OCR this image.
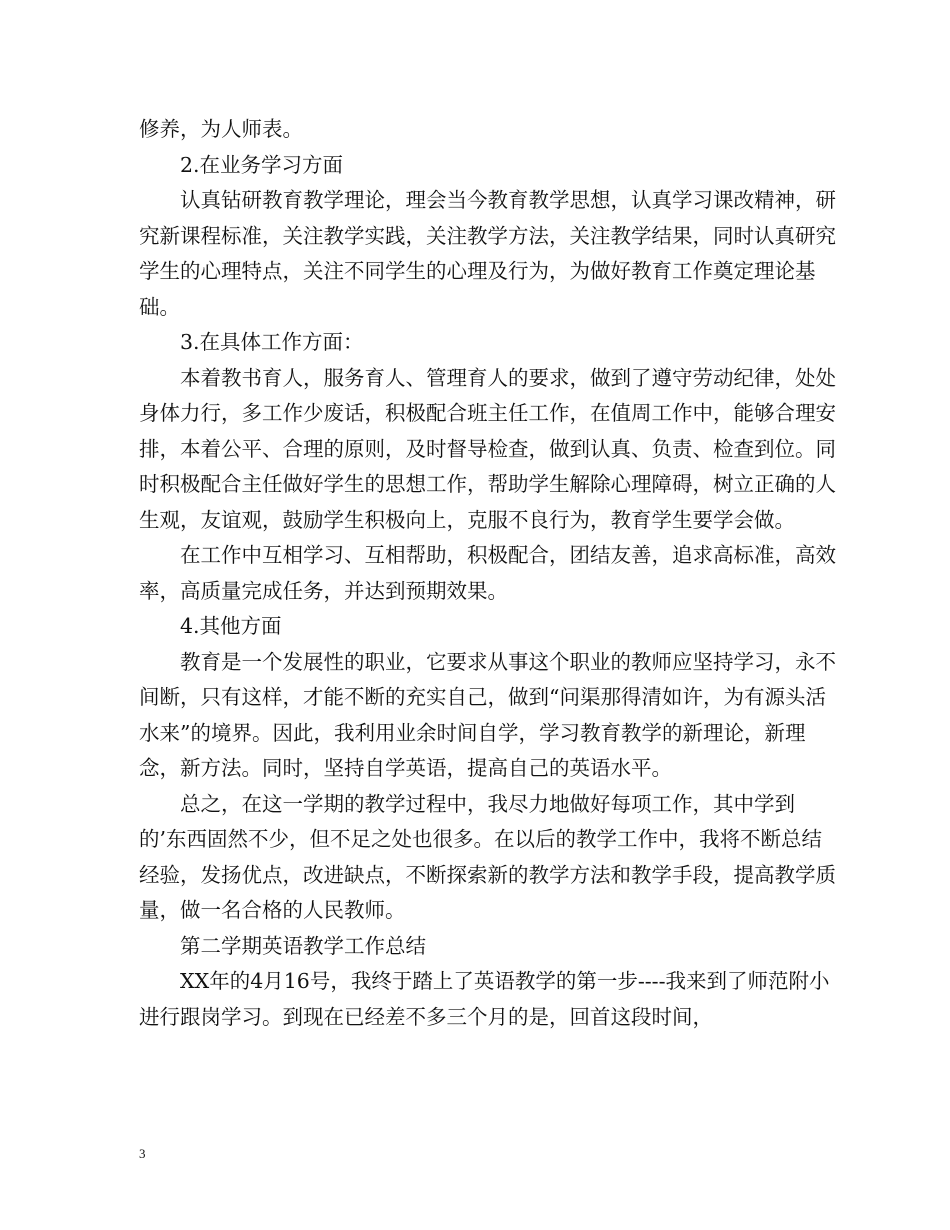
修养，为人师表。

2.在业务学习方面

认真钻研教育教学理论，理会当今教育教学思想，认真学习课改精神，研究新课程标准，关注教学实践，关注教学方法，关注教学结果，同时认真研究学生的心理特点，关注不同学生的心理及行为，为做好教育工作奠定理论基础。

3.在具体工作方面：

本着教书育人，服务育人、管理育人的要求，做到了遵守劳动纪律，处处身体力行，多工作少废话，积极配合班主任工作，在值周工作中，能够合理安排，本着公平、合理的原则，及时督导检查，做到认真、负责、检查到位。同时积极配合主任做好学生的思想工作，帮助学生解除心理障碍，树立正确的人生观，友谊观，鼓励学生积极向上，克服不良行为，教育学生要学会做。

在工作中互相学习、互相帮助，积极配合，团结友善，追求高标准，高效率，高质量完成任务，并达到预期效果。

4.其他方面

教育是一个发展性的职业，它要求从事这个职业的教师应坚持学习，永不间断，只有这样，才能不断的充实自己，做到“问渠那得清如许，为有源头活水来”的境界。因此，我利用业余时间自学，学习教育教学的新理论，新理念，新方法。同时，坚持自学英语，提高自己的英语水平。

总之，在这一学期的教学过程中，我尽力地做好每项工作，其中学到的’东西固然不少，但不足之处也很多。在以后的教学工作中，我将不断总结经验，发扬优点，改进缺点，不断探索新的教学方法和教学手段，提高教学质量，做一名合格的人民教师。

第二学期英语教学工作总结

XX年的4月16号，我终于踏上了英语教学的第一步----我来到了师范附小进行跟岗学习。到现在已经差不多三个月的是，回首这段时间，

3
